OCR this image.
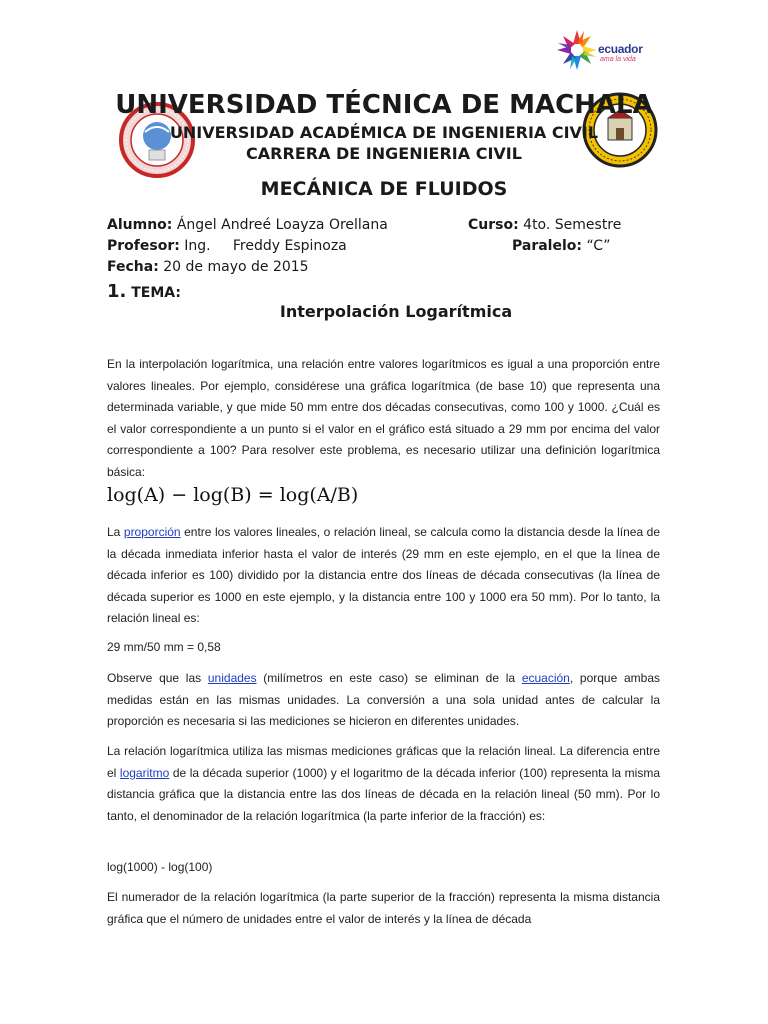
ecuador
ama la vida
UNIVERSIDAD TÉCNICA DE MACHALA
UNIVERSIDAD ACADÉMICA DE INGENIERIA CIVIL
CARRERA DE INGENIERIA CIVIL
MECÁNICA DE FLUIDOS
Alumno: Ángel Andreé Loayza Orellana	Curso: 4to. Semestre
Profesor: Ing.     Freddy Espinoza	Paralelo: “C”
Fecha: 20 de mayo de 2015
1. TEMA:
Interpolación Logarítmica
En la interpolación logarítmica, una relación entre valores logarítmicos es igual a una proporción entre valores lineales. Por ejemplo, considérese una gráfica logarítmica (de base 10) que representa una determinada variable, y que mide 50 mm entre dos décadas consecutivas, como 100 y 1000. ¿Cuál es el valor correspondiente a un punto si el valor en el gráfico está situado a 29 mm por encima del valor correspondiente a 100? Para resolver este problema, es necesario utilizar una definición logarítmica básica:
log(A) − log(B) = log(A/B)
La proporción entre los valores lineales, o relación lineal, se calcula como la distancia desde la línea de la década inmediata inferior hasta el valor de interés (29 mm en este ejemplo, en el que la línea de década inferior es 100) dividido por la distancia entre dos líneas de década consecutivas (la línea de década superior es 1000 en este ejemplo, y la distancia entre 100 y 1000 era 50 mm). Por lo tanto, la relación lineal es:
29 mm/50 mm = 0,58
Observe que las unidades (milímetros en este caso) se eliminan de la ecuación, porque ambas medidas están en las mismas unidades. La conversión a una sola unidad antes de calcular la proporción es necesaria si las mediciones se hicieron en diferentes unidades.
La relación logarítmica utiliza las mismas mediciones gráficas que la relación lineal. La diferencia entre el logaritmo de la década superior (1000) y el logaritmo de la década inferior (100) representa la misma distancia gráfica que la distancia entre las dos líneas de década en la relación lineal (50 mm). Por lo tanto, el denominador de la relación logarítmica (la parte inferior de la fracción) es:
log(1000) - log(100)
El numerador de la relación logarítmica (la parte superior de la fracción) representa la misma distancia gráfica que el número de unidades entre el valor de interés y la línea de década
